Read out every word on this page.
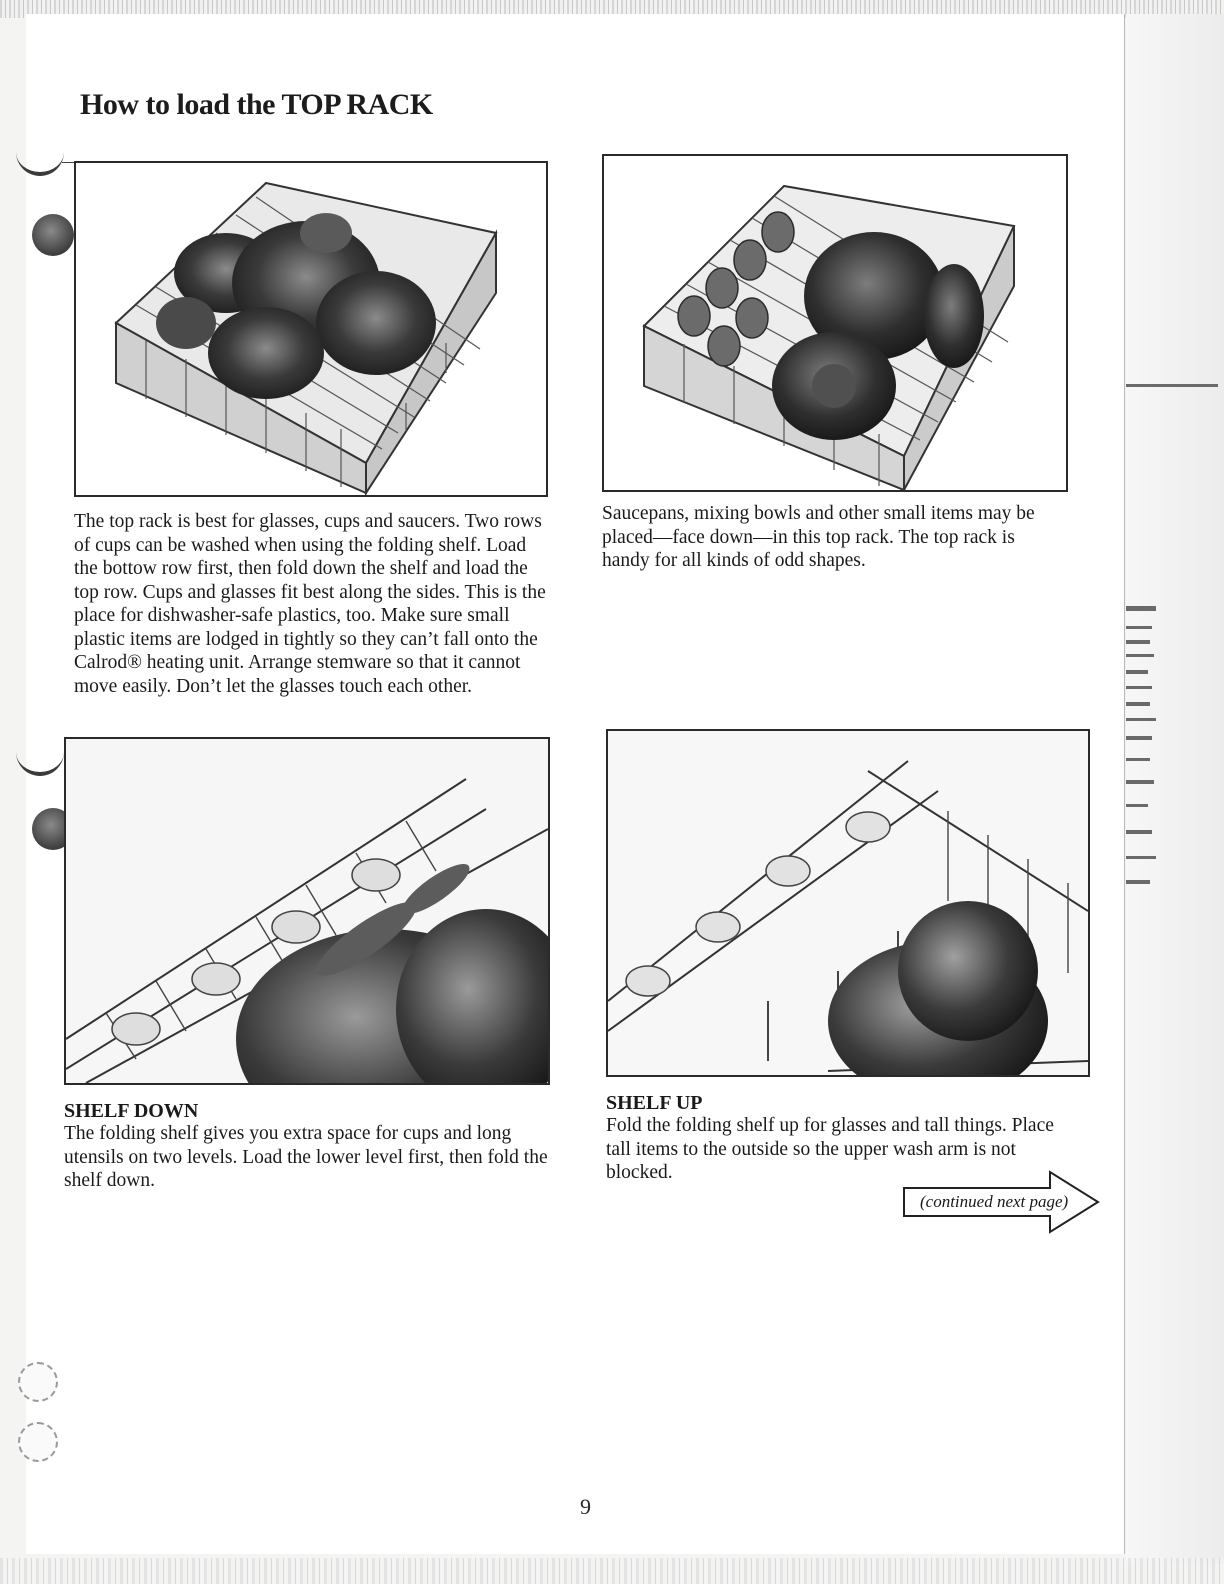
How to load the TOP RACK

The top rack is best for glasses, cups and saucers. Two rows of cups can be washed when using the folding shelf. Load the bottow row first, then fold down the shelf and load the top row. Cups and glasses fit best along the sides. This is the place for dishwasher-safe plastics, too. Make sure small plastic items are lodged in tightly so they can’t fall onto the Calrod® heating unit. Arrange stemware so that it cannot move easily. Don’t let the glasses touch each other.

Saucepans, mixing bowls and other small items may be placed—face down—in this top rack. The top rack is handy for all kinds of odd shapes.

SHELF DOWN

The folding shelf gives you extra space for cups and long utensils on two levels. Load the lower level first, then fold the shelf down.

SHELF UP

Fold the folding shelf up for glasses and tall things. Place tall items to the outside so the upper wash arm is not blocked.

(continued next page)
9
